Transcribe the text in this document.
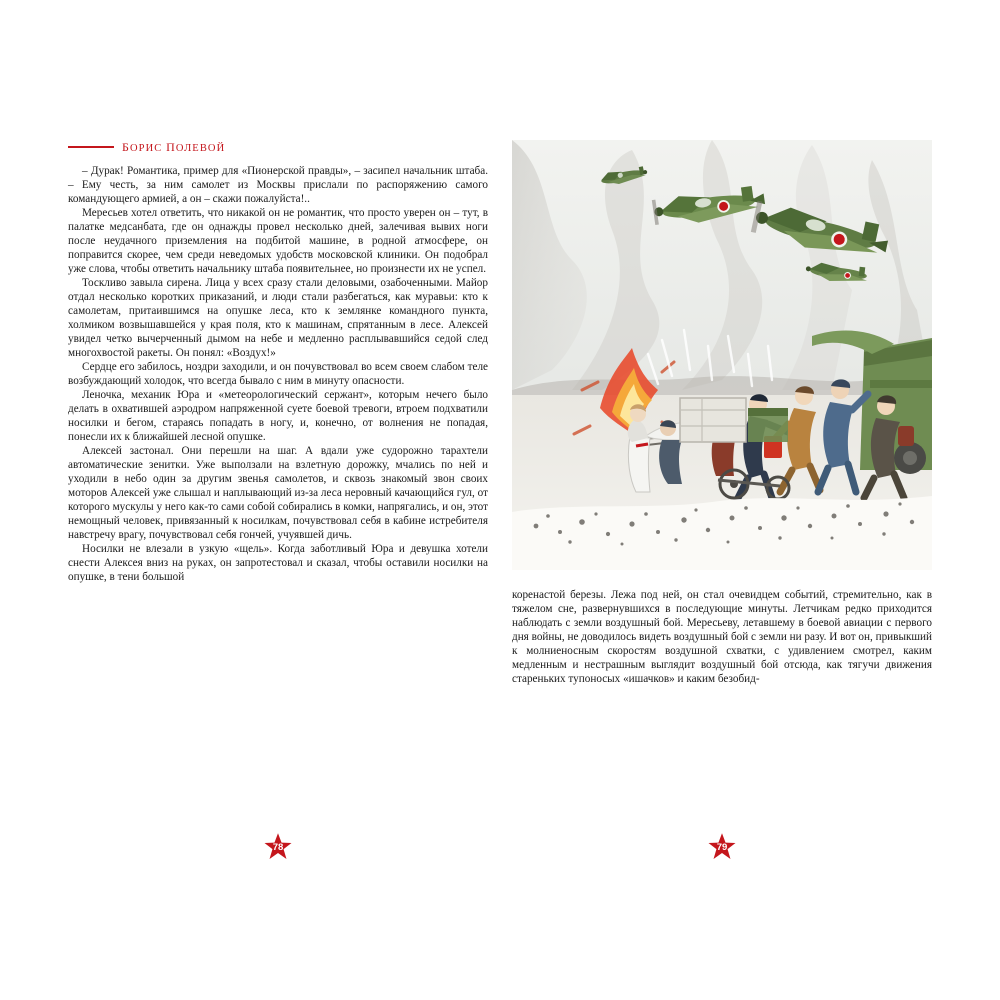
БОРИС ПОЛЕВОЙ

– Дурак! Романтика, пример для «Пионерской правды», – засипел начальник штаба. – Ему честь, за ним самолет из Москвы прислали по распоряжению самого командующего армией, а он – скажи пожалуйста!..

Мересьев хотел ответить, что никакой он не романтик, что просто уверен он – тут, в палатке медсанбата, где он однажды провел несколько дней, залечивая вывих ноги после неудачного приземления на подбитой машине, в родной атмосфере, он поправится скорее, чем среди неведомых удобств московской клиники. Он подобрал уже слова, чтобы ответить начальнику штаба появительнее, но произнести их не успел.

Тоскливо завыла сирена. Лица у всех сразу стали деловыми, озабоченными. Майор отдал несколько коротких приказаний, и люди стали разбегаться, как муравьи: кто к самолетам, притаившимся на опушке леса, кто к землянке командного пункта, холмиком возвышавшейся у края поля, кто к машинам, спрятанным в лесе. Алексей увидел четко вычерченный дымом на небе и медленно расплывавшийся седой след многохвостой ракеты. Он понял: «Воздух!»

Сердце его забилось, ноздри заходили, и он почувствовал во всем своем слабом теле возбуждающий холодок, что всегда бывало с ним в минуту опасности.

Леночка, механик Юра и «метеорологический сержант», которым нечего было делать в охватившей аэродром напряженной суете боевой тревоги, втроем подхватили носилки и бегом, стараясь попадать в ногу, и, конечно, от волнения не попадая, понесли их к ближайшей лесной опушке.

Алексей застонал. Они перешли на шаг. А вдали уже судорожно тарахтели автоматические зенитки. Уже выползали на взлетную дорожку, мчались по ней и уходили в небо один за другим звенья самолетов, и сквозь знакомый звон своих моторов Алексей уже слышал и наплывающий из-за леса неровный качающийся гул, от которого мускулы у него как-то сами собой собирались в комки, напрягались, и он, этот немощный человек, привязанный к носилкам, почувствовал себя в кабине истребителя навстречу врагу, почувствовал себя гончей, учуявшей дичь.

Носилки не влезали в узкую «щель». Когда заботливый Юра и девушка хотели снести Алексея вниз на руках, он запротестовал и сказал, чтобы оставили носилки на опушке, в тени большой

78

коренастой березы. Лежа под ней, он стал очевидцем событий, стремительно, как в тяжелом сне, развернувшихся в последующие минуты. Летчикам редко приходится наблюдать с земли воздушный бой. Мересьеву, летавшему в боевой авиации с первого дня войны, не доводилось видеть воздушный бой с земли ни разу. И вот он, привыкший к молниеносным скоростям воздушной схватки, с удивлением смотрел, каким медленным и нестрашным выглядит воздушный бой отсюда, как тягучи движения стареньких тупоносых «ишачков» и каким безобид-

79
